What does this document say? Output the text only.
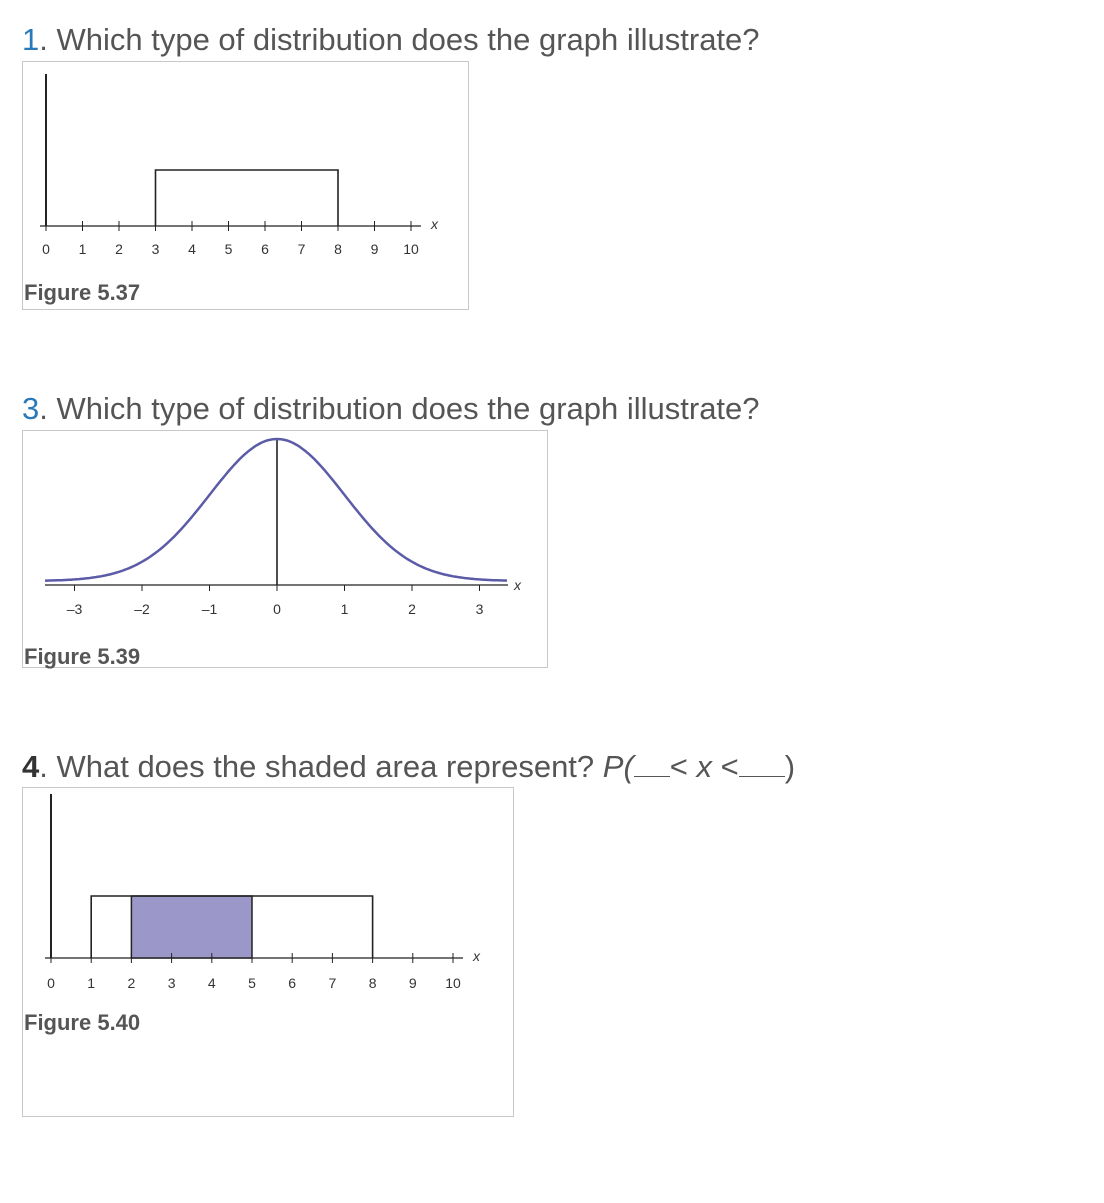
1. Which type of distribution does the graph illustrate?
0 1 2 3 4 5 6 7 8 9 10
x
Figure 5.37
3. Which type of distribution does the graph illustrate?
–3	–2	–1	0	1	2	3
x
Figure 5.39
4. What does the shaded area represent? P( < x < )
0 1 2 3 4 5 6 7 8 9 10
x
Figure 5.40
